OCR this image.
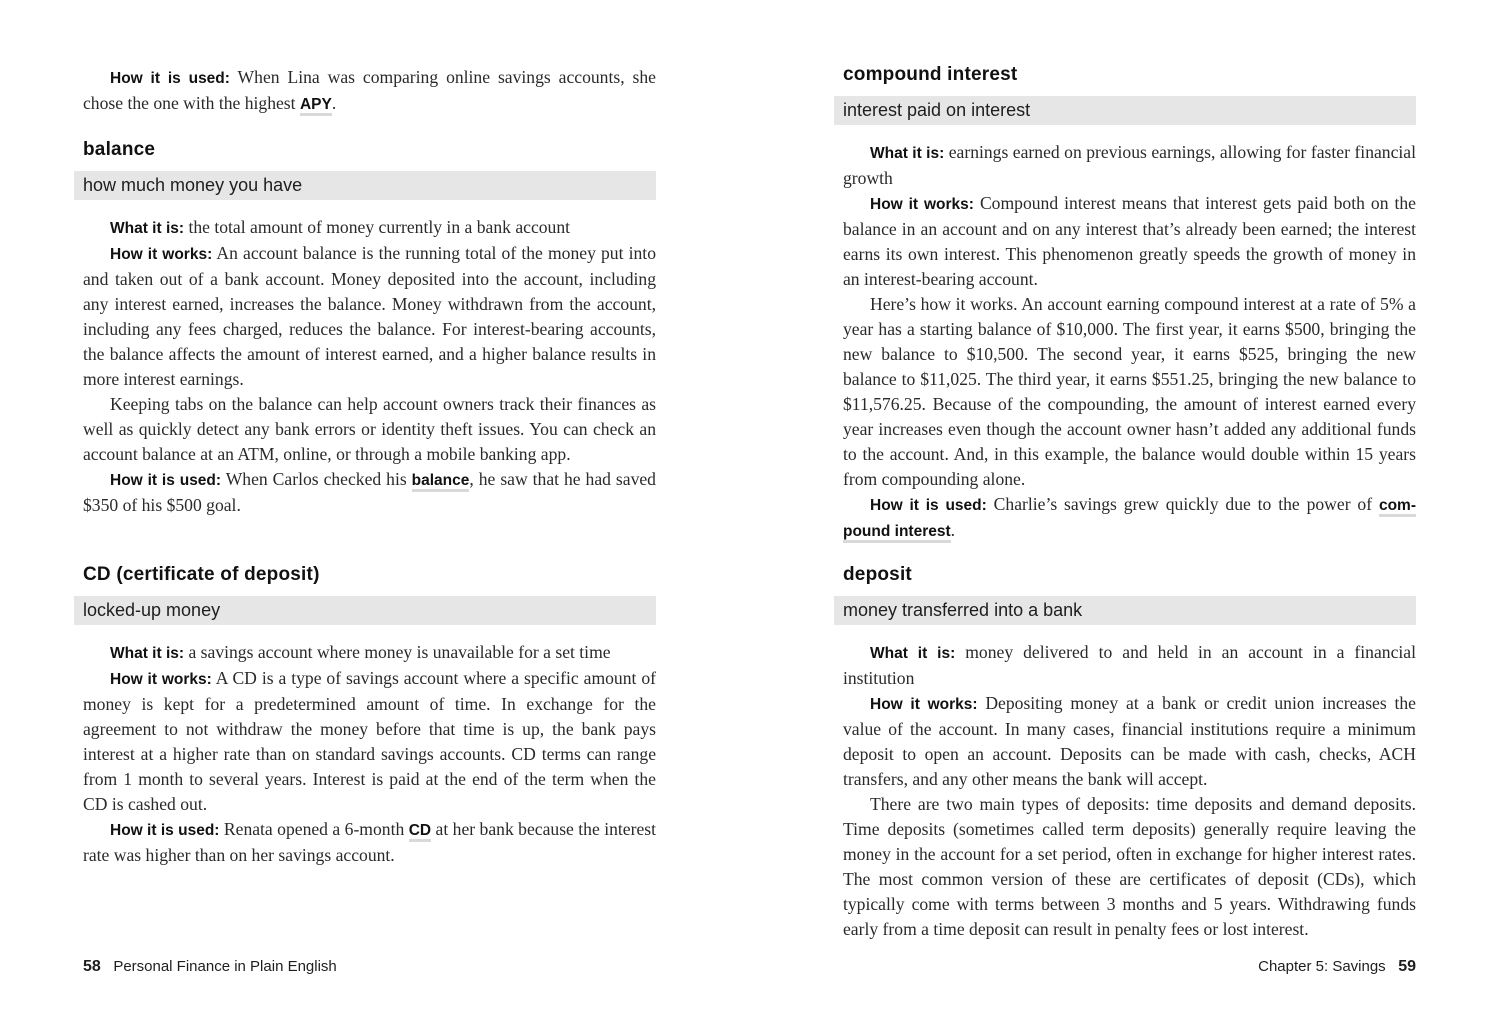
How it is used: When Lina was comparing online savings accounts, she chose the one with the highest APY.

balance
how much money you have

What it is: the total amount of money currently in a bank account

How it works: An account balance is the running total of the money put into and taken out of a bank account. Money deposited into the account, including any interest earned, increases the balance. Money withdrawn from the account, including any fees charged, reduces the balance. For interest-bearing accounts, the balance affects the amount of interest earned, and a higher balance results in more interest earnings.

Keeping tabs on the balance can help account owners track their finances as well as quickly detect any bank errors or identity theft issues. You can check an account balance at an ATM, online, or through a mobile banking app.

How it is used: When Carlos checked his balance, he saw that he had saved $350 of his $500 goal.

CD (certificate of deposit)
locked-up money

What it is: a savings account where money is unavailable for a set time

How it works: A CD is a type of savings account where a specific amount of money is kept for a predetermined amount of time. In exchange for the agreement to not withdraw the money before that time is up, the bank pays interest at a higher rate than on standard savings accounts. CD terms can range from 1 month to several years. Interest is paid at the end of the term when the CD is cashed out.

How it is used: Renata opened a 6-month CD at her bank because the interest rate was higher than on her savings account.

58 Personal Finance in Plain English
compound interest
interest paid on interest

What it is: earnings earned on previous earnings, allowing for faster financial growth

How it works: Compound interest means that interest gets paid both on the balance in an account and on any interest that’s already been earned; the interest earns its own interest. This phenomenon greatly speeds the growth of money in an interest-bearing account.

Here’s how it works. An account earning compound interest at a rate of 5% a year has a starting balance of $10,000. The first year, it earns $500, bringing the new balance to $10,500. The second year, it earns $525, bringing the new balance to $11,025. The third year, it earns $551.25, bringing the new balance to $11,576.25. Because of the compounding, the amount of interest earned every year increases even though the account owner hasn’t added any additional funds to the account. And, in this example, the balance would double within 15 years from compounding alone.

How it is used: Charlie’s savings grew quickly due to the power of compound interest.

deposit
money transferred into a bank

What it is: money delivered to and held in an account in a financial institution

How it works: Depositing money at a bank or credit union increases the value of the account. In many cases, financial institutions require a minimum deposit to open an account. Deposits can be made with cash, checks, ACH transfers, and any other means the bank will accept.

There are two main types of deposits: time deposits and demand deposits. Time deposits (sometimes called term deposits) generally require leaving the money in the account for a set period, often in exchange for higher interest rates. The most common version of these are certificates of deposit (CDs), which typically come with terms between 3 months and 5 years. Withdrawing funds early from a time deposit can result in penalty fees or lost interest.

Chapter 5: Savings 59
